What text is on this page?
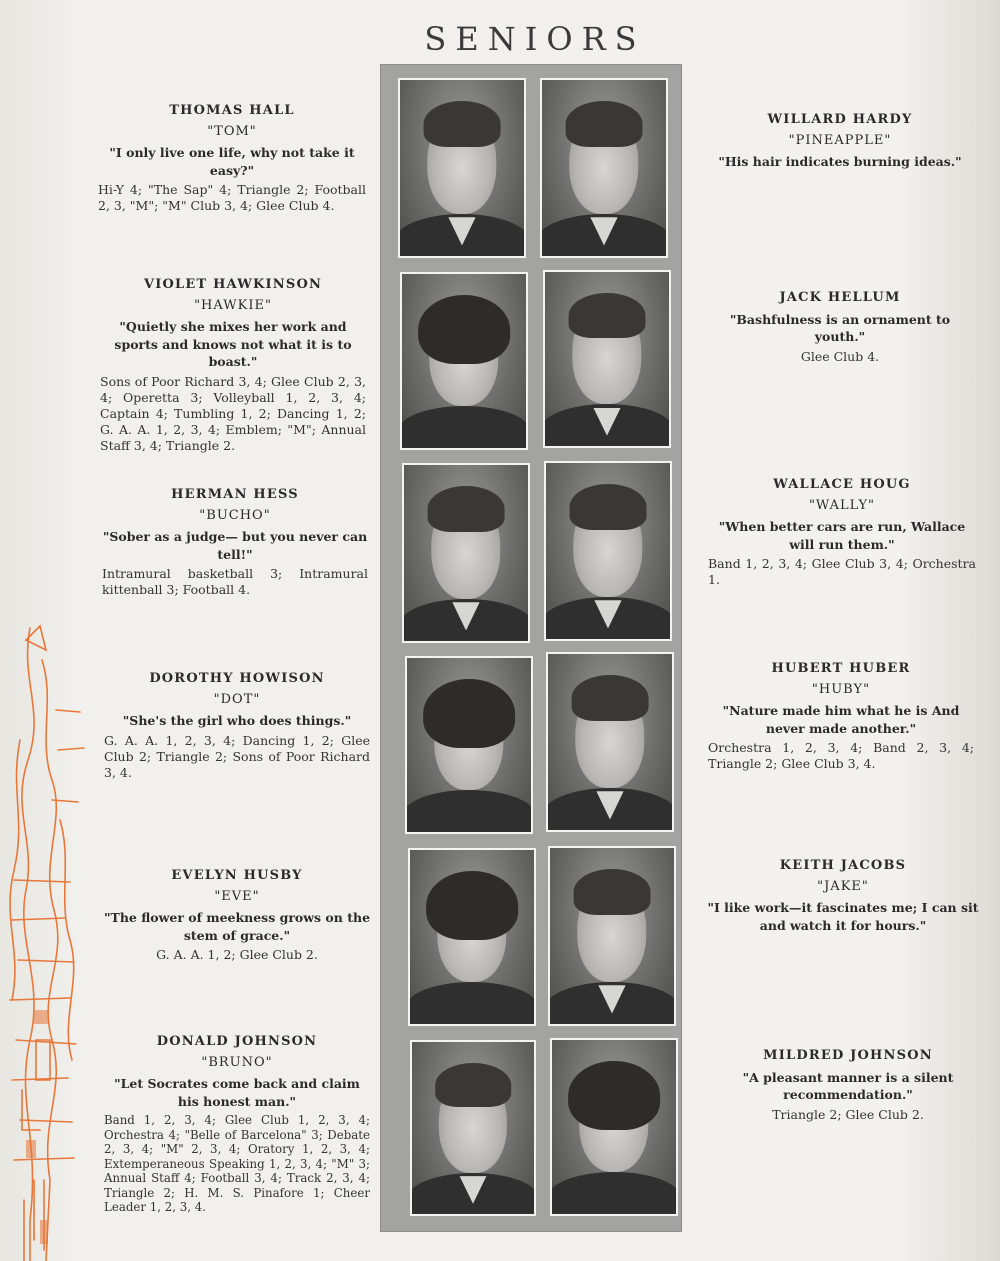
SENIORS
THOMAS HALL
"TOM"
"I only live one life, why not take it easy?"
Hi-Y 4; "The Sap" 4; Triangle 2; Football 2, 3, "M"; "M" Club 3, 4; Glee Club 4.
VIOLET HAWKINSON
"HAWKIE"
"Quietly she mixes her work and sports and knows not what it is to boast."
Sons of Poor Richard 3, 4; Glee Club 2, 3, 4; Operetta 3; Volleyball 1, 2, 3, 4; Captain 4; Tumbling 1, 2; Dancing 1, 2; G. A. A. 1, 2, 3, 4; Emblem; "M"; Annual Staff 3, 4; Triangle 2.
HERMAN HESS
"BUCHO"
"Sober as a judge— but you never can tell!"
Intramural basketball 3; Intramural kittenball 3; Football 4.
DOROTHY HOWISON
"DOT"
"She's the girl who does things."
G. A. A. 1, 2, 3, 4; Dancing 1, 2; Glee Club 2; Triangle 2; Sons of Poor Richard 3, 4.
EVELYN HUSBY
"EVE"
"The flower of meekness grows on the stem of grace."
G. A. A. 1, 2; Glee Club 2.
DONALD JOHNSON
"BRUNO"
"Let Socrates come back and claim his honest man."
Band 1, 2, 3, 4; Glee Club 1, 2, 3, 4; Orchestra 4; "Belle of Barcelona" 3; Debate 2, 3, 4; "M" 2, 3, 4; Oratory 1, 2, 3, 4; Extemperaneous Speaking 1, 2, 3, 4; "M" 3; Annual Staff 4; Football 3, 4; Track 2, 3, 4; Triangle 2; H. M. S. Pinafore 1; Cheer Leader 1, 2, 3, 4.
WILLARD HARDY
"PINEAPPLE"
"His hair indicates burning ideas."
JACK HELLUM
"Bashfulness is an ornament to youth."
Glee Club 4.
WALLACE HOUG
"WALLY"
"When better cars are run, Wallace will run them."
Band 1, 2, 3, 4; Glee Club 3, 4; Orchestra 1.
HUBERT HUBER
"HUBY"
"Nature made him what he is And never made another."
Orchestra 1, 2, 3, 4; Band 2, 3, 4; Triangle 2; Glee Club 3, 4.
KEITH JACOBS
"JAKE"
"I like work—it fascinates me; I can sit and watch it for hours."
MILDRED JOHNSON
"A pleasant manner is a silent recommendation."
Triangle 2; Glee Club 2.
